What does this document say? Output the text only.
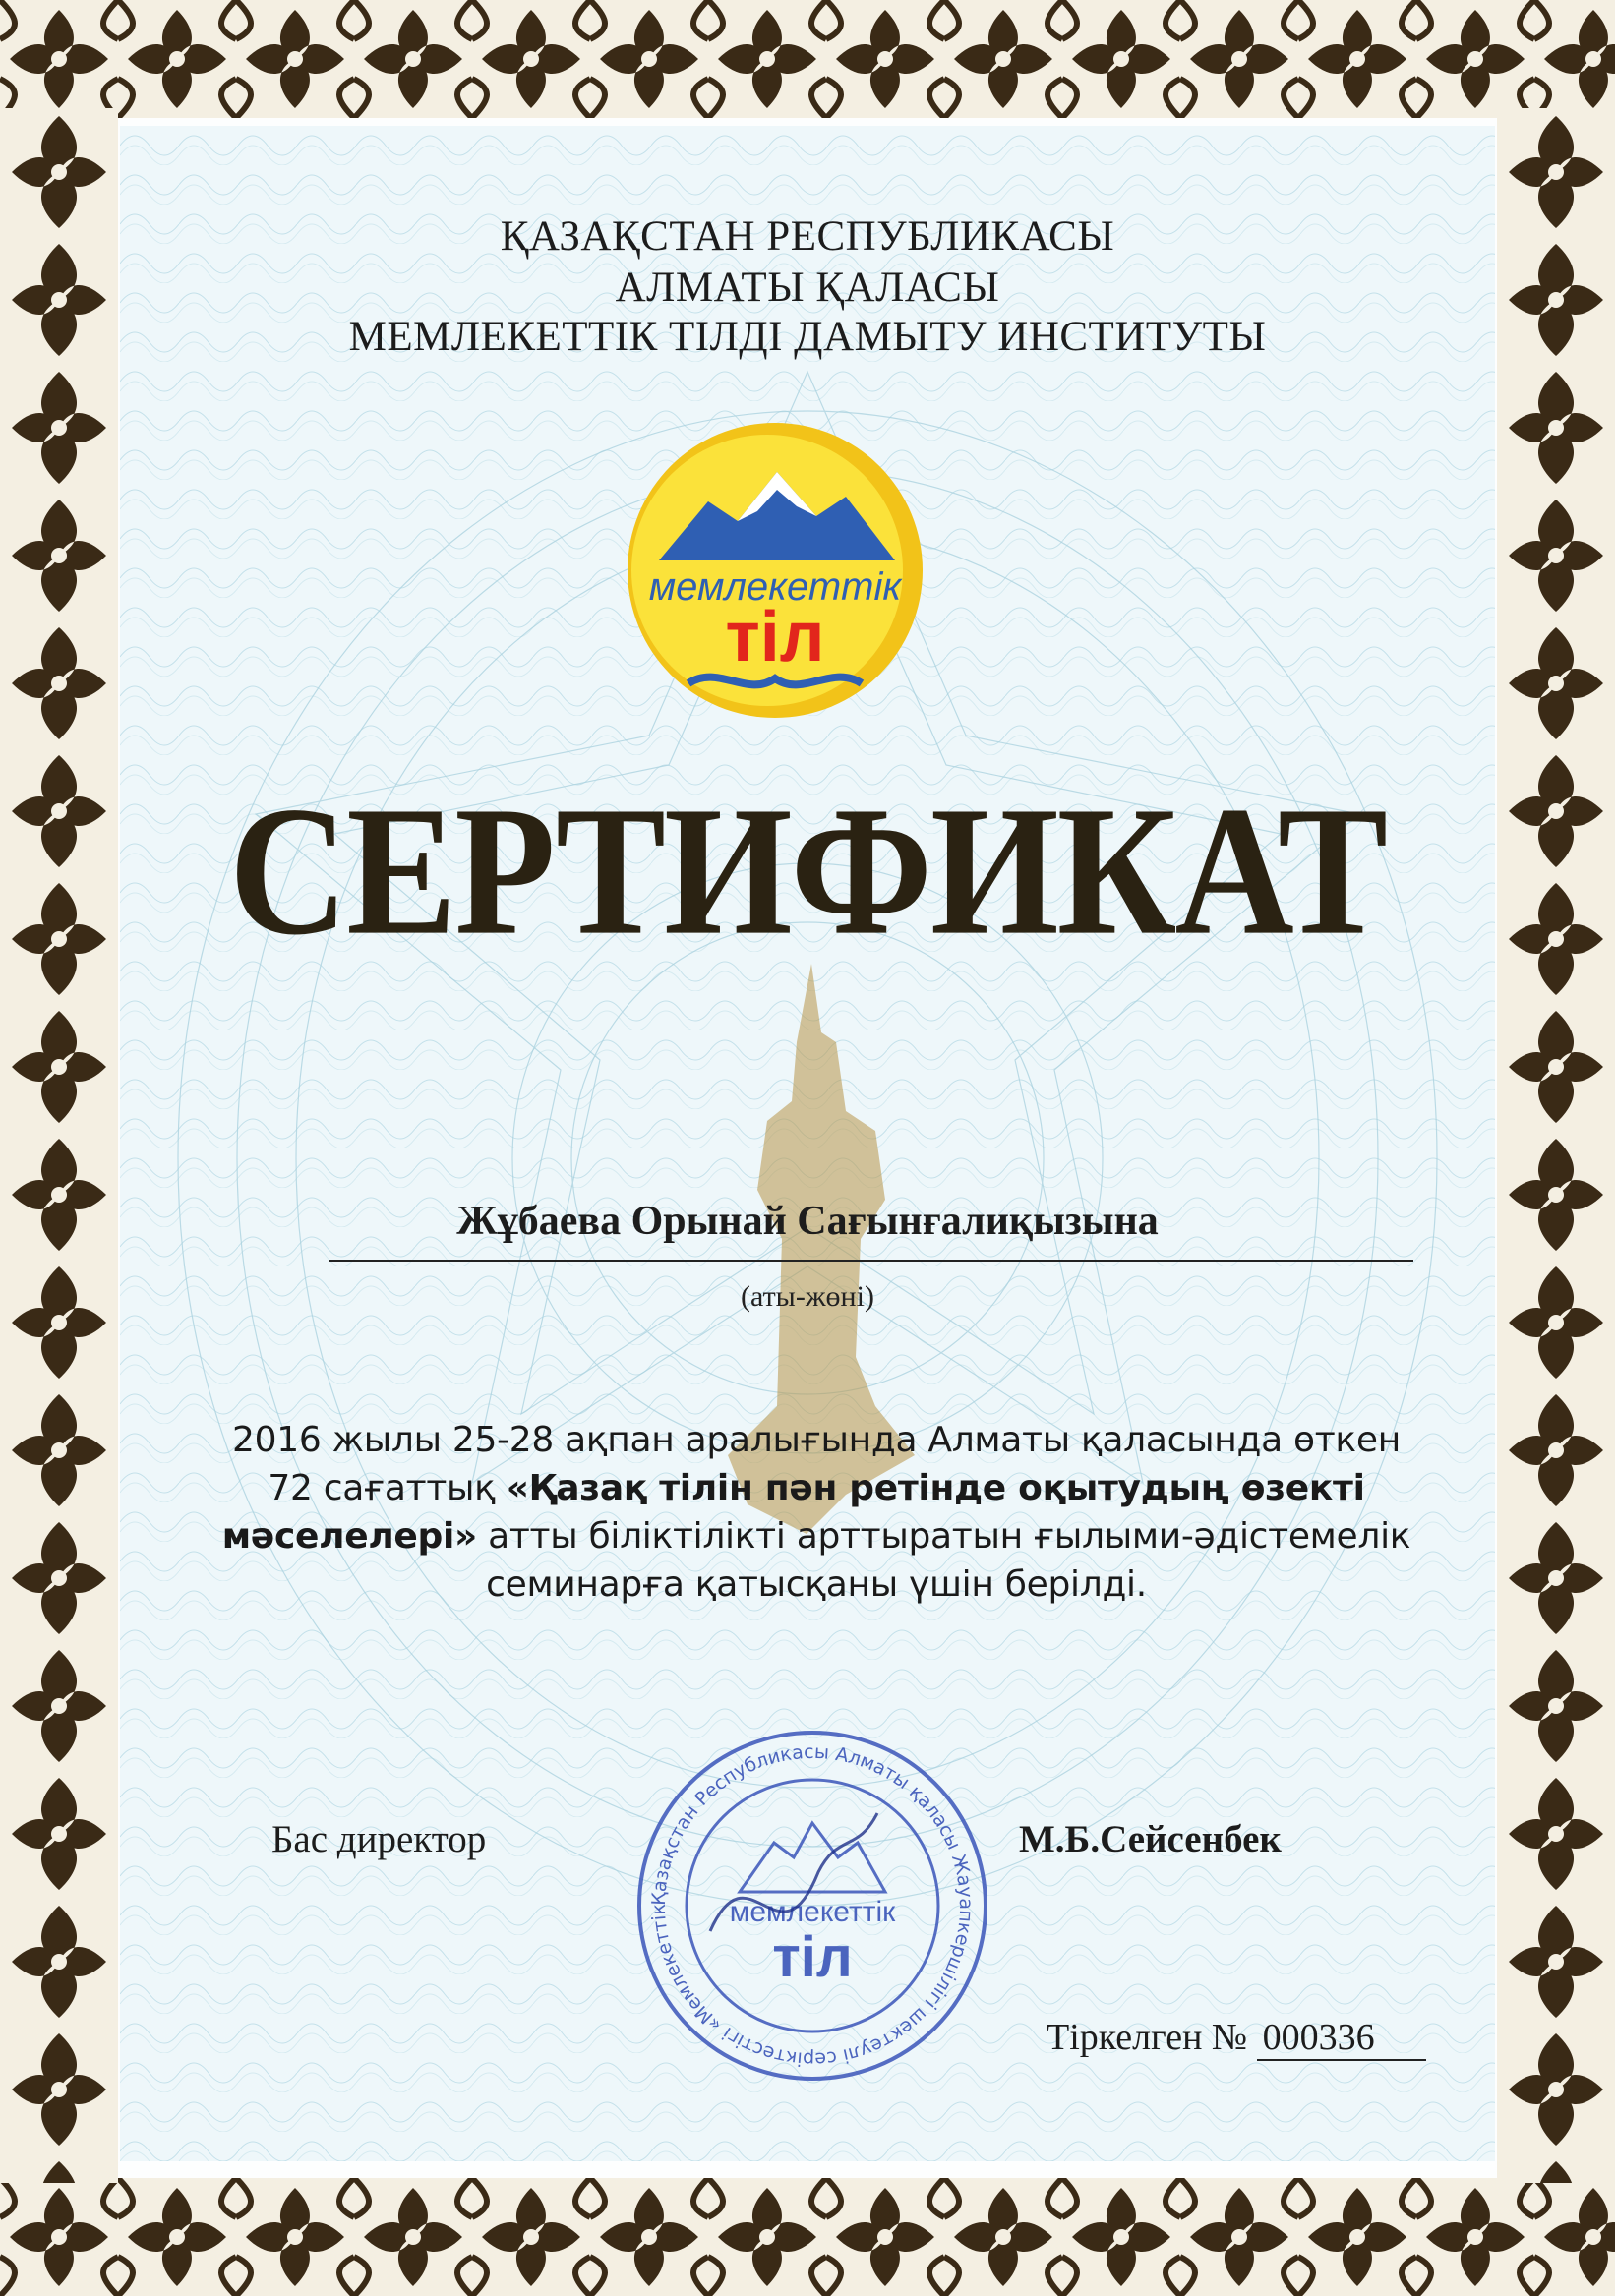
ҚАЗАҚСТАН РЕСПУБЛИКАСЫ
АЛМАТЫ ҚАЛАСЫ
МЕМЛЕКЕТТІК ТІЛДІ ДАМЫТУ ИНСТИТУТЫ
мемлекеттік
тіл
СЕРТИФИКАТ
Жұбаева Орынай Сағынғалиқызына
(аты-жөні)
2016 жылы 25-28 ақпан аралығында Алматы қаласында өткен
72 сағаттық «Қазақ тілін пән ретінде оқытудың өзекті
мәселелері» атты біліктілікті арттыратын ғылыми-әдістемелік
семинарға қатысқаны үшін берілді.
Бас директор	М.Б.Сейсенбек
Қазақстан Республикасы Алматы қаласы Жауапкершілігі шектеулі серіктестігі «Мемлекеттік	мемлекеттік
тіл
Тіркелген № 000336
